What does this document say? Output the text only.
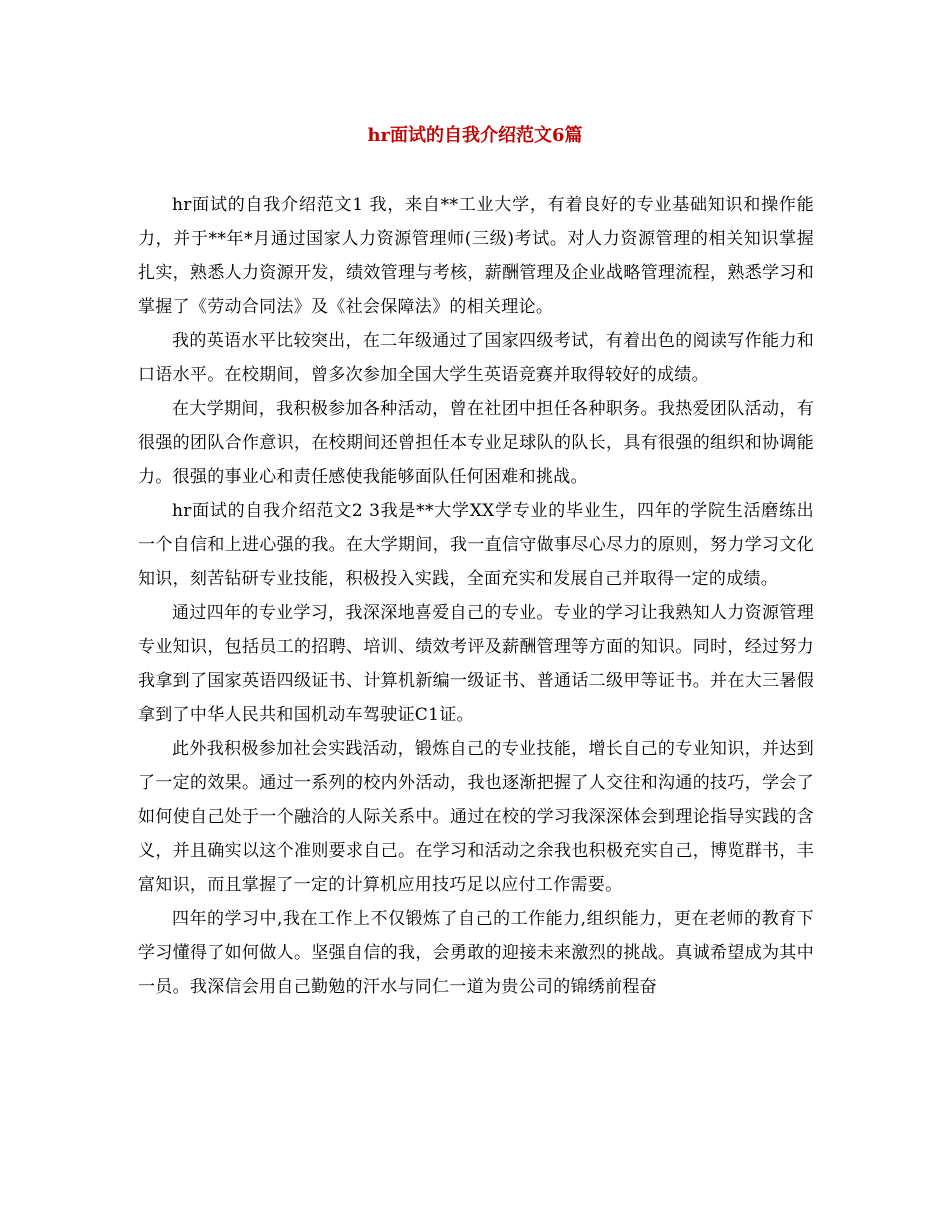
hr面试的自我介绍范文6篇

hr面试的自我介绍范文1 我，来自**工业大学，有着良好的专业基础知识和操作能力，并于**年*月通过国家人力资源管理师(三级)考试。对人力资源管理的相关知识掌握扎实，熟悉人力资源开发，绩效管理与考核，薪酬管理及企业战略管理流程，熟悉学习和掌握了《劳动合同法》及《社会保障法》的相关理论。

我的英语水平比较突出，在二年级通过了国家四级考试，有着出色的阅读写作能力和口语水平。在校期间，曾多次参加全国大学生英语竞赛并取得较好的成绩。

在大学期间，我积极参加各种活动，曾在社团中担任各种职务。我热爱团队活动，有很强的团队合作意识，在校期间还曾担任本专业足球队的队长，具有很强的组织和协调能力。很强的事业心和责任感使我能够面队任何困难和挑战。

hr面试的自我介绍范文2 3我是**大学XX学专业的毕业生，四年的学院生活磨练出一个自信和上进心强的我。在大学期间，我一直信守做事尽心尽力的原则，努力学习文化知识，刻苦钻研专业技能，积极投入实践，全面充实和发展自己并取得一定的成绩。

通过四年的专业学习，我深深地喜爱自己的专业。专业的学习让我熟知人力资源管理专业知识，包括员工的招聘、培训、绩效考评及薪酬管理等方面的知识。同时，经过努力我拿到了国家英语四级证书、计算机新编一级证书、普通话二级甲等证书。并在大三暑假拿到了中华人民共和国机动车驾驶证C1证。

此外我积极参加社会实践活动，锻炼自己的专业技能，增长自己的专业知识，并达到了一定的效果。通过一系列的校内外活动，我也逐渐把握了人交往和沟通的技巧，学会了如何使自己处于一个融洽的人际关系中。通过在校的学习我深深体会到理论指导实践的含义，并且确实以这个准则要求自己。在学习和活动之余我也积极充实自己，博览群书，丰富知识，而且掌握了一定的计算机应用技巧足以应付工作需要。

四年的学习中,我在工作上不仅锻炼了自己的工作能力,组织能力，更在老师的教育下学习懂得了如何做人。坚强自信的我，会勇敢的迎接未来激烈的挑战。真诚希望成为其中一员。我深信会用自己勤勉的汗水与同仁一道为贵公司的锦绣前程奋
